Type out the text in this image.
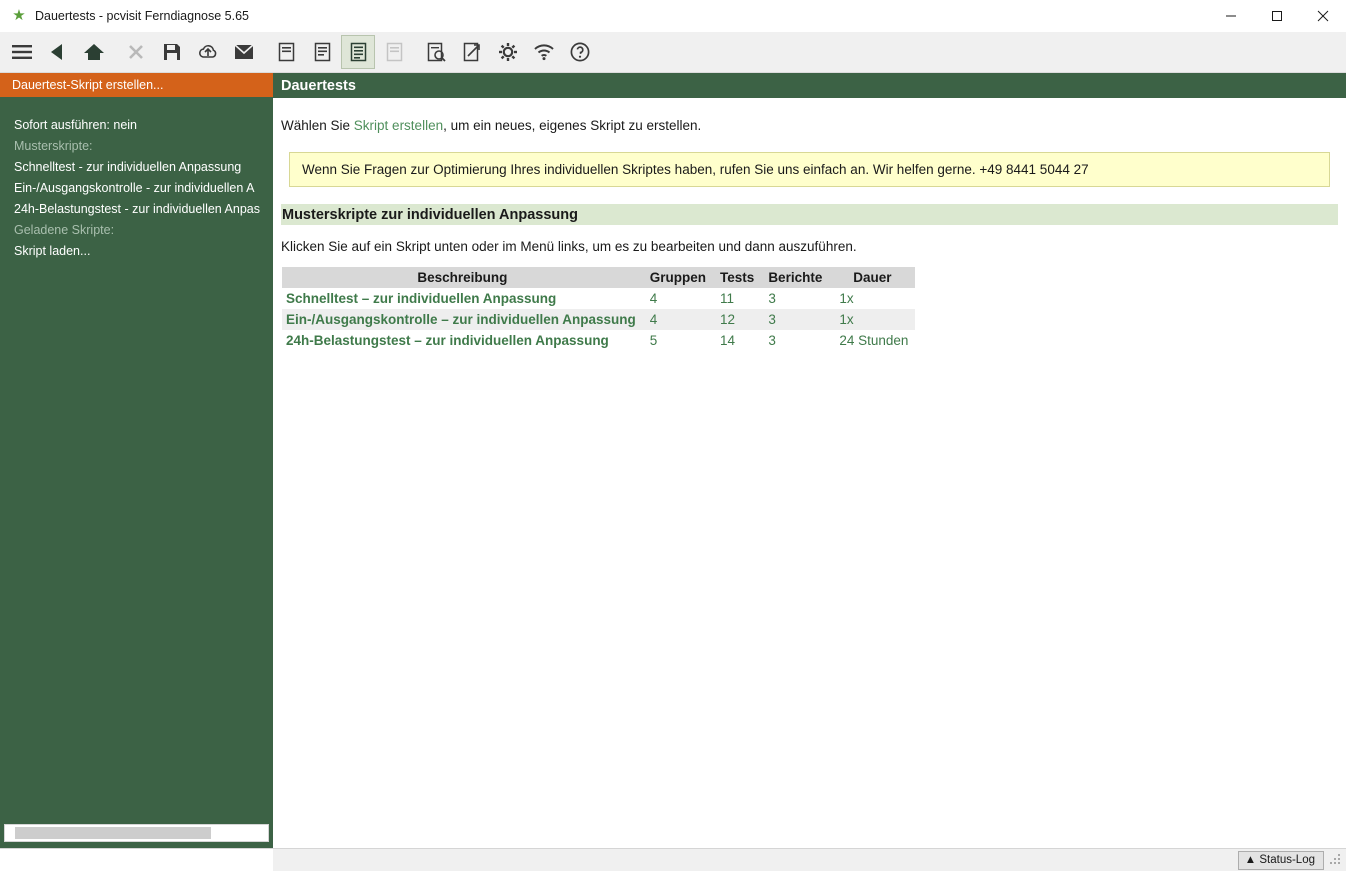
★ Dauertests - pcvisit Ferndiagnose 5.65
Dauertest-Skript erstellen...
Sofort ausführen: nein
Musterskripte:
Schnelltest - zur individuellen Anpassung
Ein-/Ausgangskontrolle - zur individuellen A
24h-Belastungstest - zur individuellen Anpas
Geladene Skripte:
Skript laden...
Dauertests
Wählen Sie Skript erstellen, um ein neues, eigenes Skript zu erstellen.
Wenn Sie Fragen zur Optimierung Ihres individuellen Skriptes haben, rufen Sie uns einfach an. Wir helfen gerne. +49 8441 5044 27
Musterskripte zur individuellen Anpassung
Klicken Sie auf ein Skript unten oder im Menü links, um es zu bearbeiten und dann auszuführen.
Beschreibung	Gruppen	Tests	Berichte	Dauer
Schnelltest – zur individuellen Anpassung	4	11	3	1x
Ein-/Ausgangskontrolle – zur individuellen Anpassung	4	12	3	1x
24h-Belastungstest – zur individuellen Anpassung	5	14	3	24 Stunden
▲ Status-Log
